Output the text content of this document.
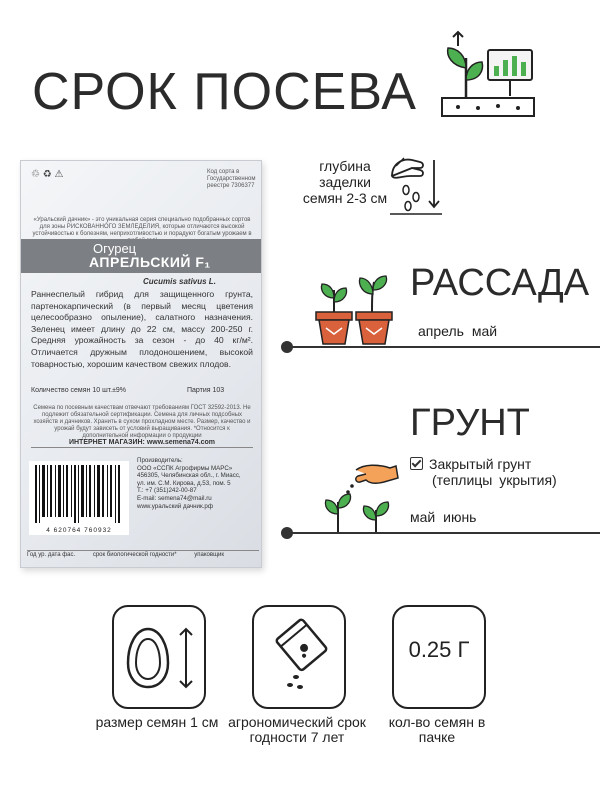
СРОК ПОСЕВА
♲ ♻ ⚠	Код сорта в Государственном реестре 7306377
«Уральский дачник» - это уникальная серия специально подобранных сортов для зоны РИСКОВАННОГО ЗЕМЛЕДЕЛИЯ, которые отличаются высокой устойчивостью к болезням, неприхотливостью и порадуют богатым урожаем в
Огурец
АПРЕЛЬСКИЙ F₁
Cucumis sativus L.
Раннеспелый гибрид для защищенного грунта, партенокарпический (в первый месяц цветения целесообразно опыление), салатного назначения. Зеленец имеет длину до 22 см, массу 200-250 г. Средняя урожайность за сезон - до 40 кг/м². Отличается дружным плодоношением, высокой товарностью, хорошим качеством свежих плодов.
Количество семян 10 шт.±9%	Партия 103
Семена по посевным качествам отвечают требованиям ГОСТ 32592-2013. Не подлежит обязательной сертификации. Семена для личных подсобных хозяйств и дачников. Хранить в сухом прохладном месте. Размер, качество и урожай будут зависеть от условий выращивания. *Относится к дополнительной информации о продукции
ИНТЕРНЕТ МАГАЗИН: www.semena74.com
4 620764 760932
Производитель:
ООО «ССПК Агрофирмы МАРС»
456305, Челябинская обл., г. Миасс,
ул. им. С.М. Кирова, д.53, пом. 5
Т.: +7 (351)242-00-87
E-mail: semena74@mail.ru
www.уральский дачник.рф
Год ур. дата фас.	срок биологической годности*	упаковщик
глубина заделки семян 2-3 см
РАССАДА
апрель май
ГРУНТ
Закрытый грунт
(теплицы укрытия)
май июнь
0.25 Г
размер семян 1 см агрономический срок годности 7 лет
кол-во семян в пачке
